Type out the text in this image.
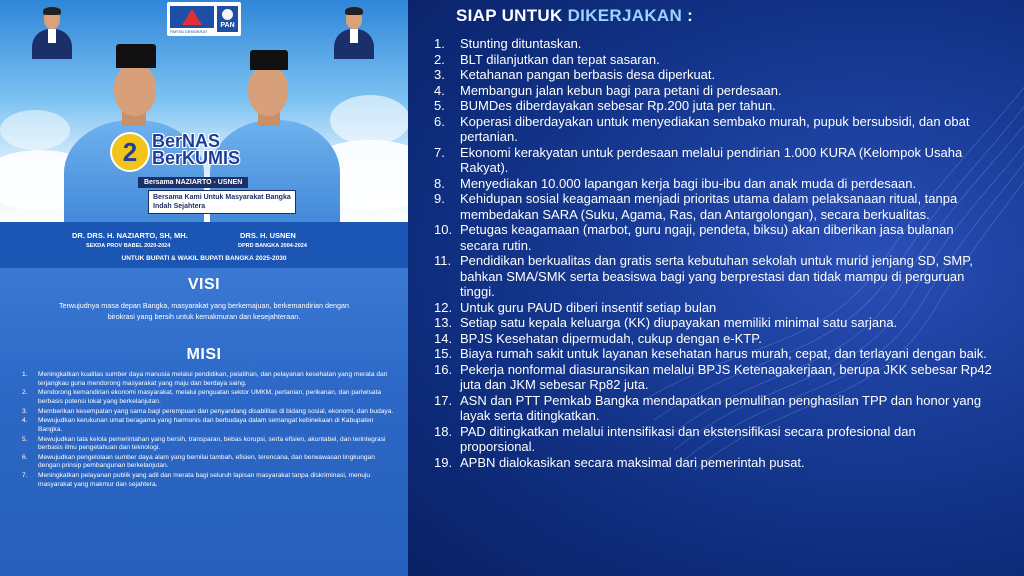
PAN
PARTAI DEMOKRAT
2 BerNAS
BerKUMIS
Bersama NAZIARTO - USNEN
Bersama Kami Untuk Masyarakat Bangka Indah Sejahtera
DR. DRS. H. NAZIARTO, SH, MH.
SEKDA PROV BABEL 2020-2024
DRS. H. USNEN
DPRD BANGKA 2004-2024
UNTUK BUPATI & WAKIL BUPATI BANGKA 2025-2030
VISI
Terwujudnya masa depan Bangka, masyarakat yang berkemajuan, berkemandirian dengan birokrasi yang bersih untuk kemakmuran dan kesejahteraan.
MISI
1. Meningkatkan kualitas sumber daya manusia melalui pendidikan, pelatihan, dan pelayanan kesehatan yang merata dan terjangkau guna mendorong masyarakat yang maju dan berdaya saing.
2. Mendorong kemandirian ekonomi masyarakat, melalui penguatan sektor UMKM, pertanian, perikanan, dan pariwisata berbasis potensi lokal yang berkelanjutan.
3. Memberikan kesempatan yang sama bagi perempuan dan penyandang disabilitas di bidang sosial, ekonomi, dan budaya.
4. Mewujudkan kerukunan umat beragama yang harmonis dan berbudaya dalam semangat kebinekaan di Kabupaten Bangka.
5. Mewujudkan tata kelola pemerintahan yang bersih, transparan, bebas korupsi, serta efisien, akuntabel, dan terintegrasi berbasis ilmu pengetahuan dan teknologi.
6. Mewujudkan pengelolaan sumber daya alam yang bernilai tambah, efisien, terencana, dan berwawasan lingkungan dengan prinsip pembangunan berkelanjutan.
7. Meningkatkan pelayanan publik yang adil dan merata bagi seluruh lapisan masyarakat tanpa diskriminasi, menuju masyarakat yang makmur dan sejahtera.
SIAP UNTUK DIKERJAKAN :
1. Stunting dituntaskan.
2. BLT dilanjutkan dan tepat sasaran.
3. Ketahanan pangan berbasis desa diperkuat.
4. Membangun jalan kebun bagi para petani di perdesaan.
5. BUMDes diberdayakan sebesar Rp.200 juta per tahun.
6. Koperasi diberdayakan untuk menyediakan sembako murah, pupuk bersubsidi, dan obat pertanian.
7. Ekonomi kerakyatan untuk perdesaan melalui pendirian 1.000 KURA (Kelompok Usaha Rakyat).
8. Menyediakan 10.000 lapangan kerja bagi ibu-ibu dan anak muda di perdesaan.
9. Kehidupan sosial keagamaan menjadi prioritas utama dalam pelaksanaan ritual, tanpa membedakan SARA (Suku, Agama, Ras, dan Antargolongan), secara berkualitas.
10. Petugas keagamaan (marbot, guru ngaji, pendeta, biksu) akan diberikan jasa bulanan secara rutin.
11. Pendidikan berkualitas dan gratis serta kebutuhan sekolah untuk murid jenjang SD, SMP, bahkan SMA/SMK serta beasiswa bagi yang berprestasi dan tidak mampu di perguruan tinggi.
12. Untuk guru PAUD diberi insentif setiap bulan
13. Setiap satu kepala keluarga (KK) diupayakan memiliki minimal satu sarjana.
14. BPJS Kesehatan dipermudah, cukup dengan e-KTP.
15. Biaya rumah sakit untuk layanan kesehatan harus murah, cepat, dan terlayani dengan baik.
16. Pekerja nonformal diasuransikan melalui BPJS Ketenagakerjaan, berupa JKK sebesar Rp42 juta dan JKM sebesar Rp82 juta.
17. ASN dan PTT Pemkab Bangka mendapatkan pemulihan penghasilan TPP dan honor yang layak serta ditingkatkan.
18. PAD ditingkatkan melalui intensifikasi dan ekstensifikasi secara profesional dan proporsional.
19. APBN dialokasikan secara maksimal dari pemerintah pusat.
